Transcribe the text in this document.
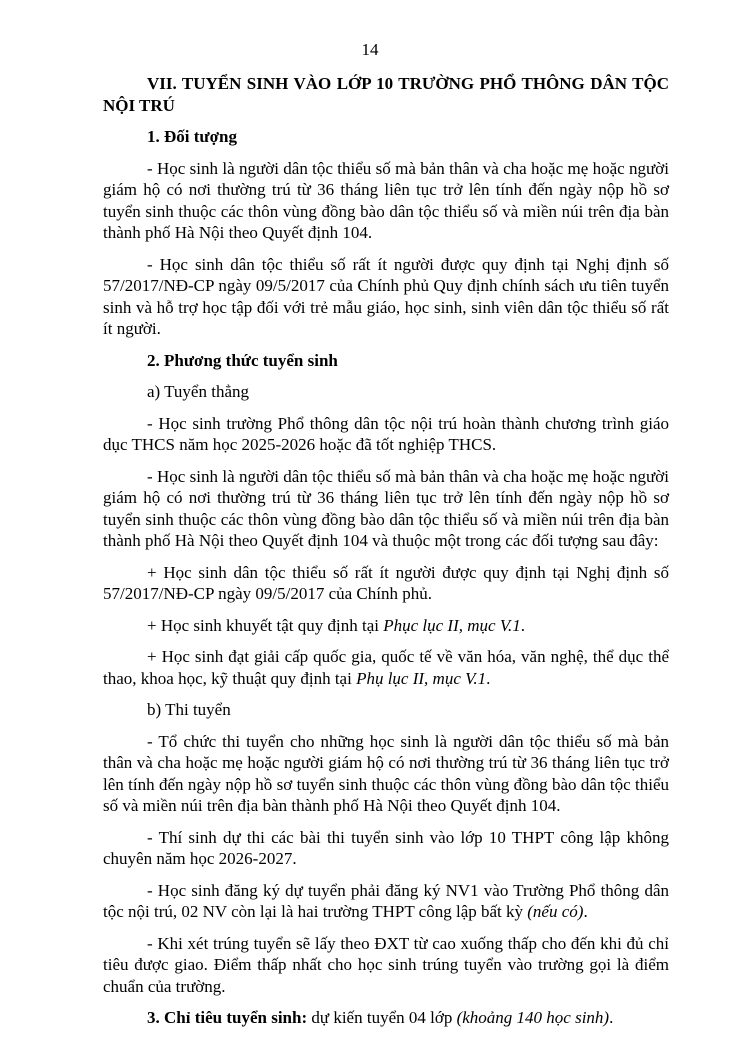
14
VII. TUYỂN SINH VÀO LỚP 10 TRƯỜNG PHỔ THÔNG DÂN TỘC NỘI TRÚ
1. Đối tượng

- Học sinh là người dân tộc thiểu số mà bản thân và cha hoặc mẹ hoặc người giám hộ có nơi thường trú từ 36 tháng liên tục trở lên tính đến ngày nộp hồ sơ tuyển sinh thuộc các thôn vùng đồng bào dân tộc thiểu số và miền núi trên địa bàn thành phố Hà Nội theo Quyết định 104.

- Học sinh dân tộc thiểu số rất ít người được quy định tại Nghị định số 57/2017/NĐ-CP ngày 09/5/2017 của Chính phủ Quy định chính sách ưu tiên tuyển sinh và hỗ trợ học tập đối với trẻ mẫu giáo, học sinh, sinh viên dân tộc thiểu số rất ít người.

2. Phương thức tuyển sinh

a) Tuyển thẳng

- Học sinh trường Phổ thông dân tộc nội trú hoàn thành chương trình giáo dục THCS năm học 2025-2026 hoặc đã tốt nghiệp THCS.

- Học sinh là người dân tộc thiểu số mà bản thân và cha hoặc mẹ hoặc người giám hộ có nơi thường trú từ 36 tháng liên tục trở lên tính đến ngày nộp hồ sơ tuyển sinh thuộc các thôn vùng đồng bào dân tộc thiểu số và miền núi trên địa bàn thành phố Hà Nội theo Quyết định 104 và thuộc một trong các đối tượng sau đây:

+ Học sinh dân tộc thiểu số rất ít người được quy định tại Nghị định số 57/2017/NĐ-CP ngày 09/5/2017 của Chính phủ.

+ Học sinh khuyết tật quy định tại Phục lục II, mục V.1.

+ Học sinh đạt giải cấp quốc gia, quốc tế về văn hóa, văn nghệ, thể dục thể thao, khoa học, kỹ thuật quy định tại Phụ lục II, mục V.1.

b) Thi tuyển

- Tổ chức thi tuyển cho những học sinh là người dân tộc thiểu số mà bản thân và cha hoặc mẹ hoặc người giám hộ có nơi thường trú từ 36 tháng liên tục trở lên tính đến ngày nộp hồ sơ tuyển sinh thuộc các thôn vùng đồng bào dân tộc thiểu số và miền núi trên địa bàn thành phố Hà Nội theo Quyết định 104.

- Thí sinh dự thi các bài thi tuyển sinh vào lớp 10 THPT công lập không chuyên năm học 2026-2027.

- Học sinh đăng ký dự tuyển phải đăng ký NV1 vào Trường Phổ thông dân tộc nội trú, 02 NV còn lại là hai trường THPT công lập bất kỳ (nếu có).

- Khi xét trúng tuyển sẽ lấy theo ĐXT từ cao xuống thấp cho đến khi đủ chỉ tiêu được giao. Điểm thấp nhất cho học sinh trúng tuyển vào trường gọi là điểm chuẩn của trường.

3. Chỉ tiêu tuyển sinh: dự kiến tuyển 04 lớp (khoảng 140 học sinh).
